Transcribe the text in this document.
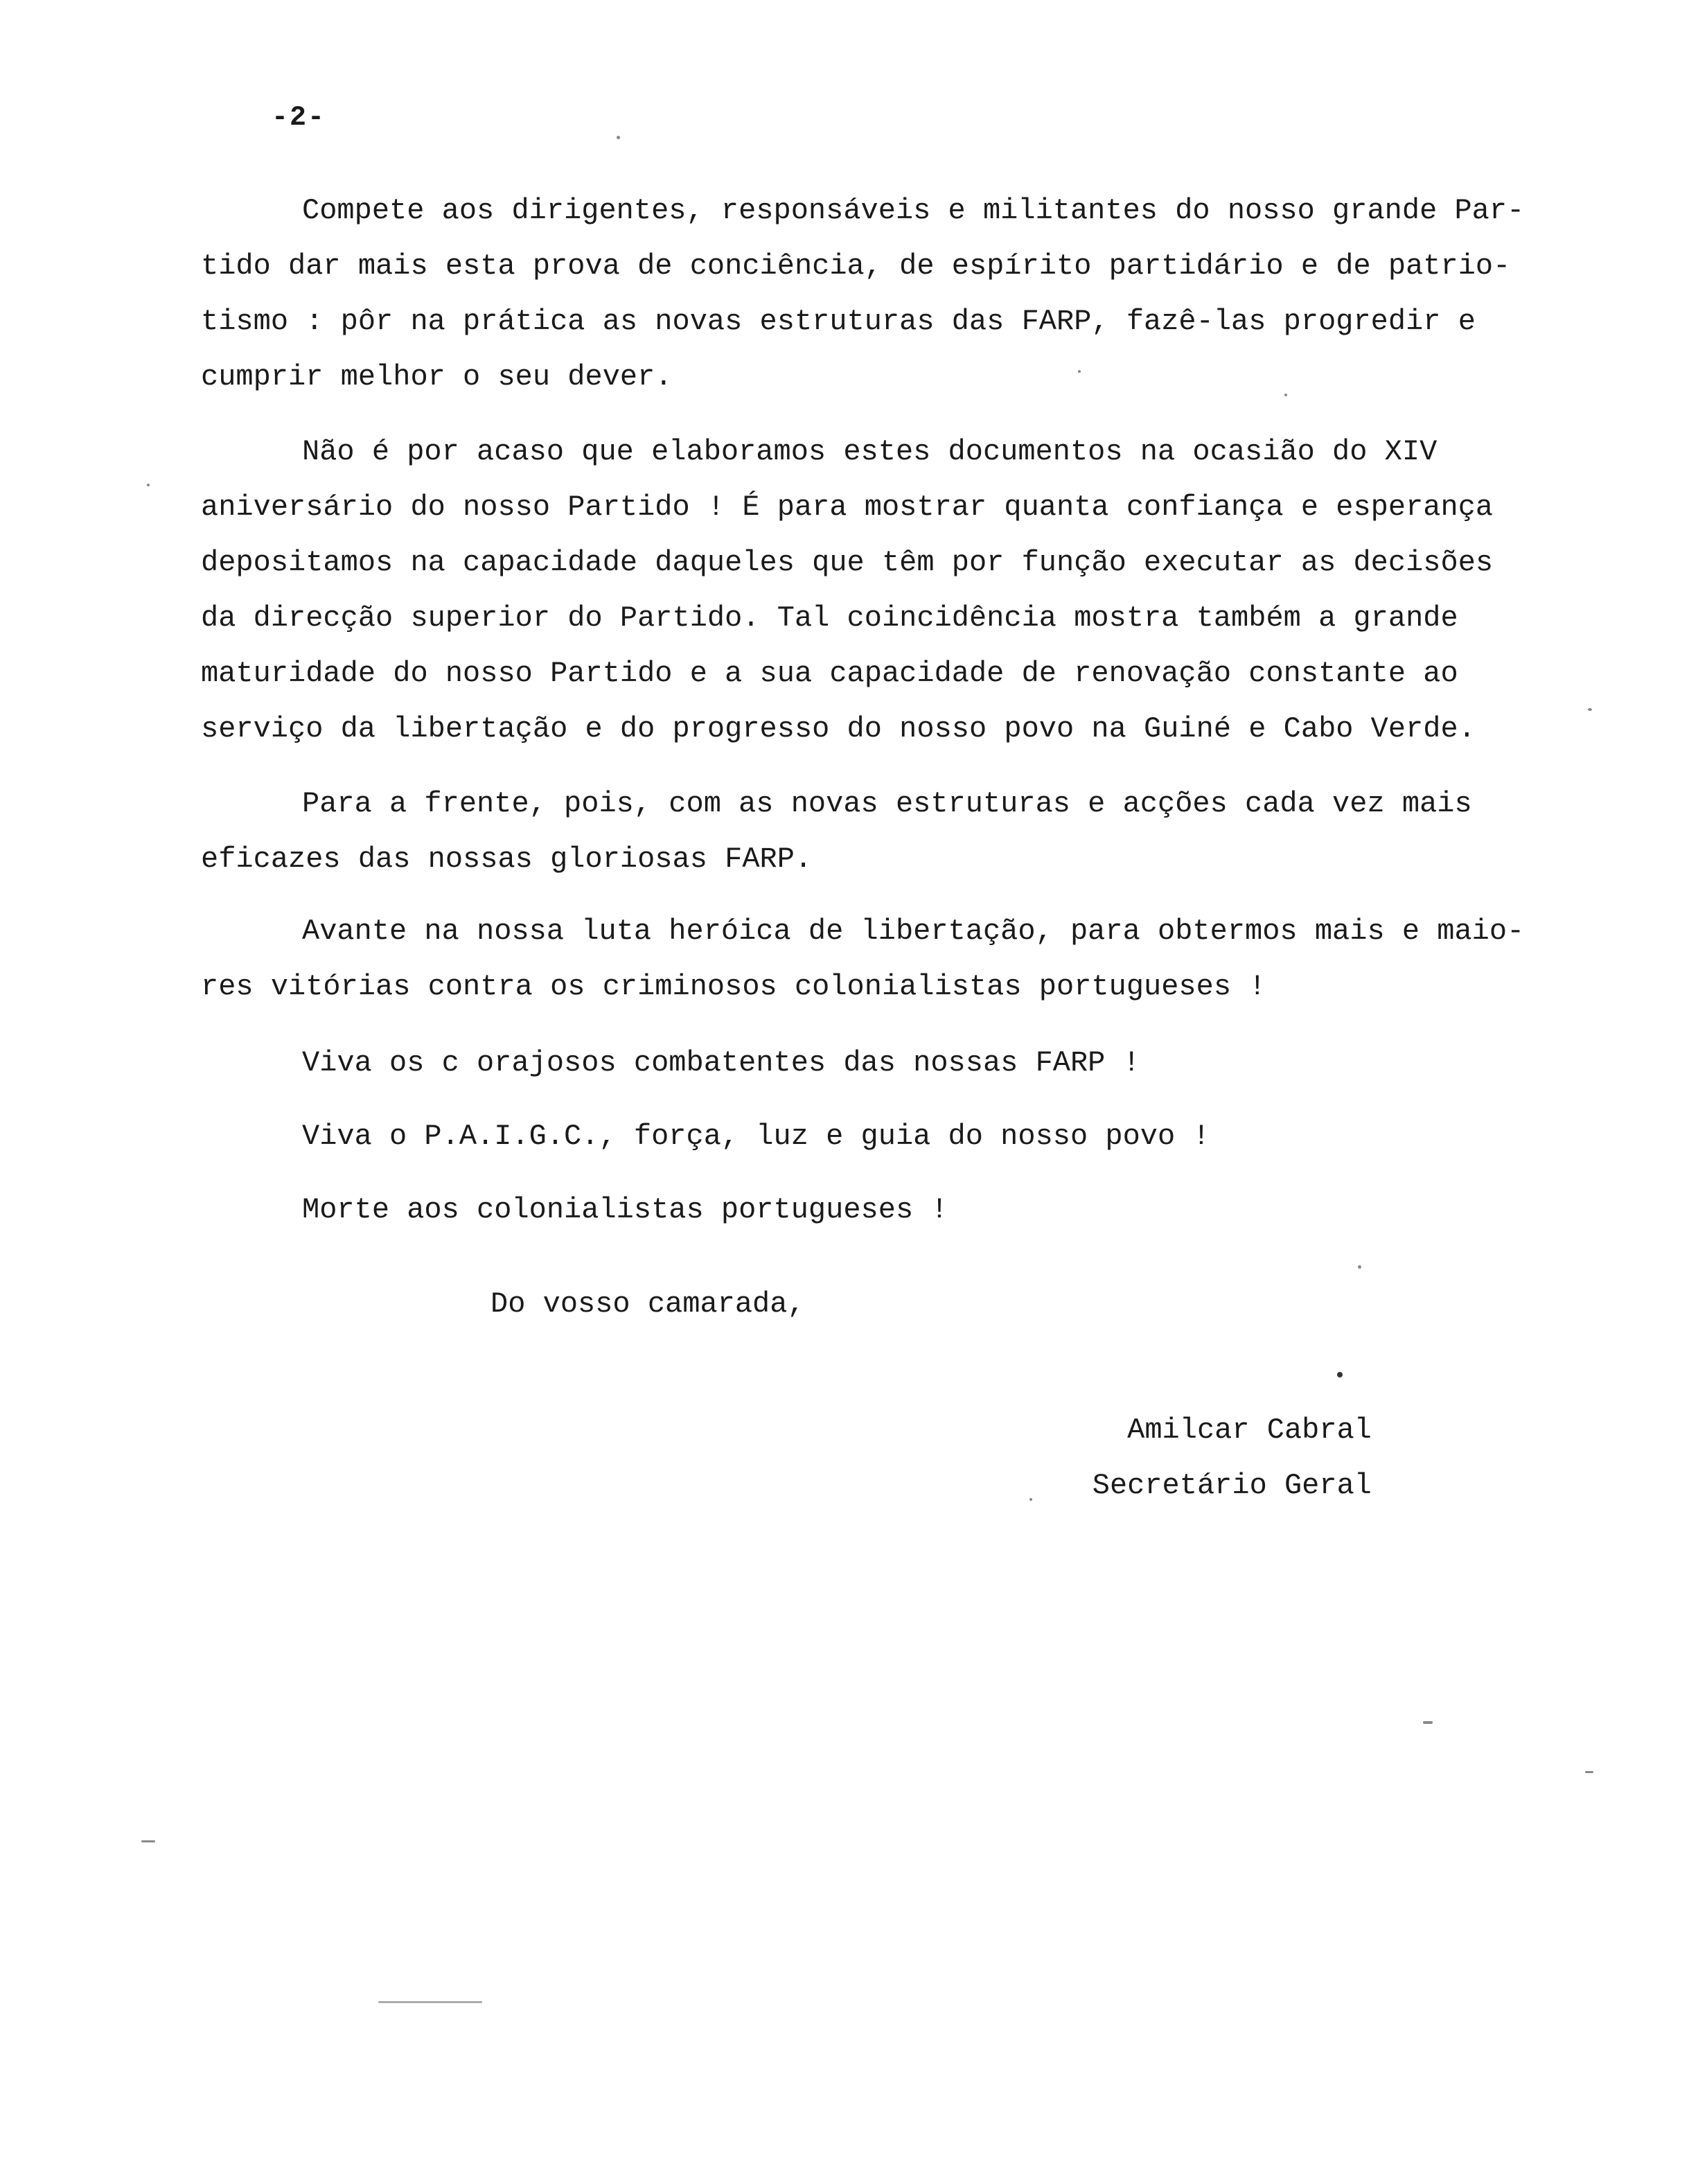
-2-
Compete aos dirigentes, responsáveis e militantes do nosso grande Par-
tido dar mais esta prova de conciência, de espírito partidário e de patrio-
tismo : pôr na prática as novas estruturas das FARP, fazê-las progredir e
cumprir melhor o seu dever.
Não é por acaso que elaboramos estes documentos na ocasião do XIV
aniversário do nosso Partido ! É para mostrar quanta confiança e esperança
depositamos na capacidade daqueles que têm por função executar as decisões
da direcção superior do Partido. Tal coincidência mostra também a grande
maturidade do nosso Partido e a sua capacidade de renovação constante ao
serviço da libertação e do progresso do nosso povo na Guiné e Cabo Verde.
Para a frente, pois, com as novas estruturas e acções cada vez mais
eficazes das nossas gloriosas FARP.
Avante na nossa luta heróica de libertação, para obtermos mais e maio-
res vitórias contra os criminosos colonialistas portugueses !
Viva os c orajosos combatentes das nossas FARP !
Viva o P.A.I.G.C., força, luz e guia do nosso povo !
Morte aos colonialistas portugueses !
Do vosso camarada,
Amilcar Cabral
Secretário Geral
